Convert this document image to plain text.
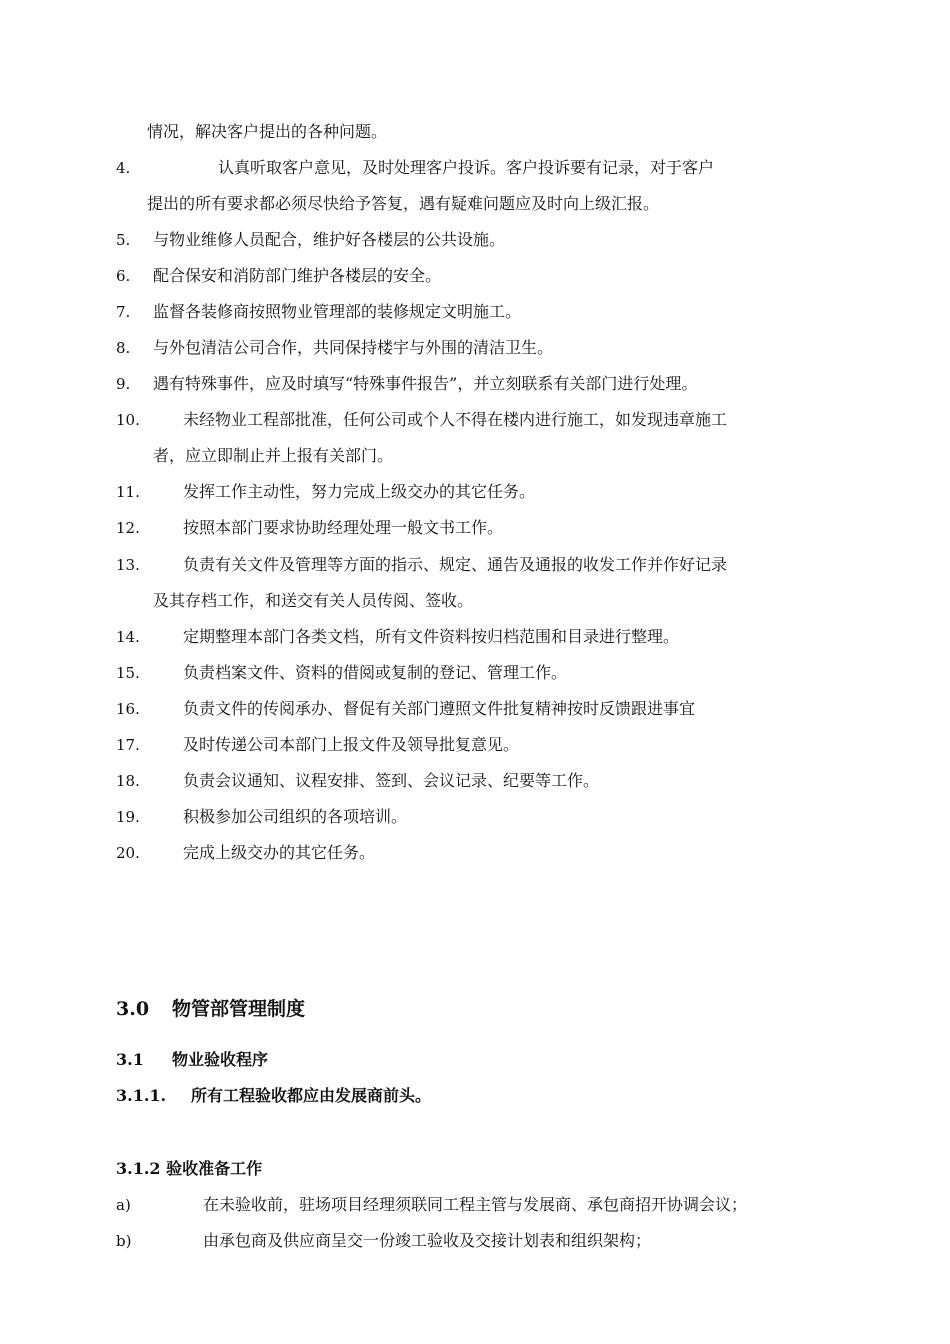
情况，解决客户提出的各种问题。
4.	认真听取客户意见，及时处理客户投诉。客户投诉要有记录，对于客户
提出的所有要求都必须尽快给予答复，遇有疑难问题应及时向上级汇报。
5. 与物业维修人员配合，维护好各楼层的公共设施。
6. 配合保安和消防部门维护各楼层的安全。
7. 监督各装修商按照物业管理部的装修规定文明施工。
8. 与外包清洁公司合作，共同保持楼宇与外围的清洁卫生。
9. 遇有特殊事件，应及时填写“特殊事件报告”，并立刻联系有关部门进行处理。
10.	未经物业工程部批准，任何公司或个人不得在楼内进行施工，如发现违章施工
者，应立即制止并上报有关部门。
11.	发挥工作主动性，努力完成上级交办的其它任务。
12.	按照本部门要求协助经理处理一般文书工作。
13.	负责有关文件及管理等方面的指示、规定、通告及通报的收发工作并作好记录
及其存档工作，和送交有关人员传阅、签收。
14.	定期整理本部门各类文档，所有文件资料按归档范围和目录进行整理。
15.	负责档案文件、资料的借阅或复制的登记、管理工作。
16.	负责文件的传阅承办、督促有关部门遵照文件批复精神按时反馈跟进事宜
17.	及时传递公司本部门上报文件及领导批复意见。
18.	负责会议通知、议程安排、签到、会议记录、纪要等工作。
19.	积极参加公司组织的各项培训。
20.	完成上级交办的其它任务。
3.0 物管部管理制度
3.1 物业验收程序
3.1.1. 所有工程验收都应由发展商前头。
3.1.2 验收准备工作
a)	在未验收前，驻场项目经理须联同工程主管与发展商、承包商招开协调会议；
b)	由承包商及供应商呈交一份竣工验收及交接计划表和组织架构；
